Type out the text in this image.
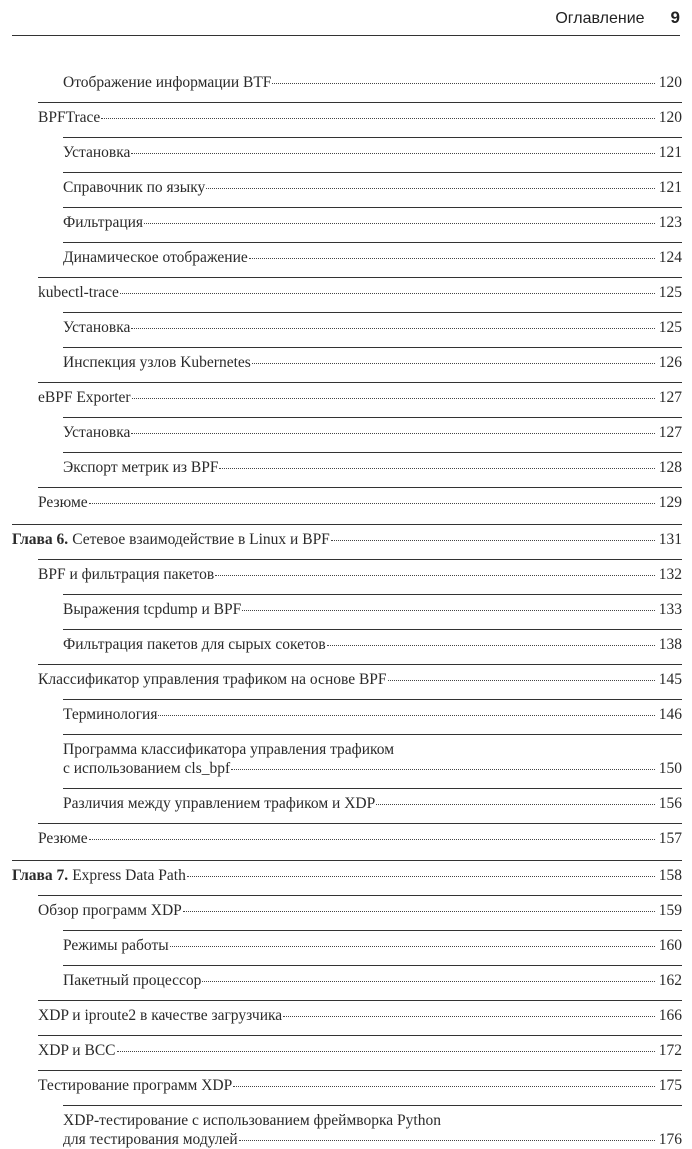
Оглавление 9
Отображение информации BTF	120
BPFTrace	120
Установка	121
Справочник по языку	121
Фильтрация	123
Динамическое отображение	124
kubectl-trace	125
Установка	125
Инспекция узлов Kubernetes	126
eBPF Exporter	127
Установка	127
Экспорт метрик из BPF	128
Резюме	129
Глава 6. Сетевое взаимодействие в Linux и BPF	131
BPF и фильтрация пакетов	132
Выражения tcpdump и BPF	133
Фильтрация пакетов для сырых сокетов	138
Классификатор управления трафиком на основе BPF	145
Терминология	146
Программа классификатора управления трафиком
с использованием cls_bpf	150
Различия между управлением трафиком и XDP	156
Резюме	157
Глава 7. Express Data Path	158
Обзор программ XDP	159
Режимы работы	160
Пакетный процессор	162
XDP и iproute2 в качестве загрузчика	166
XDP и BCC	172
Тестирование программ XDP	175
XDP-тестирование с использованием фреймворка Python
для тестирования модулей	176
